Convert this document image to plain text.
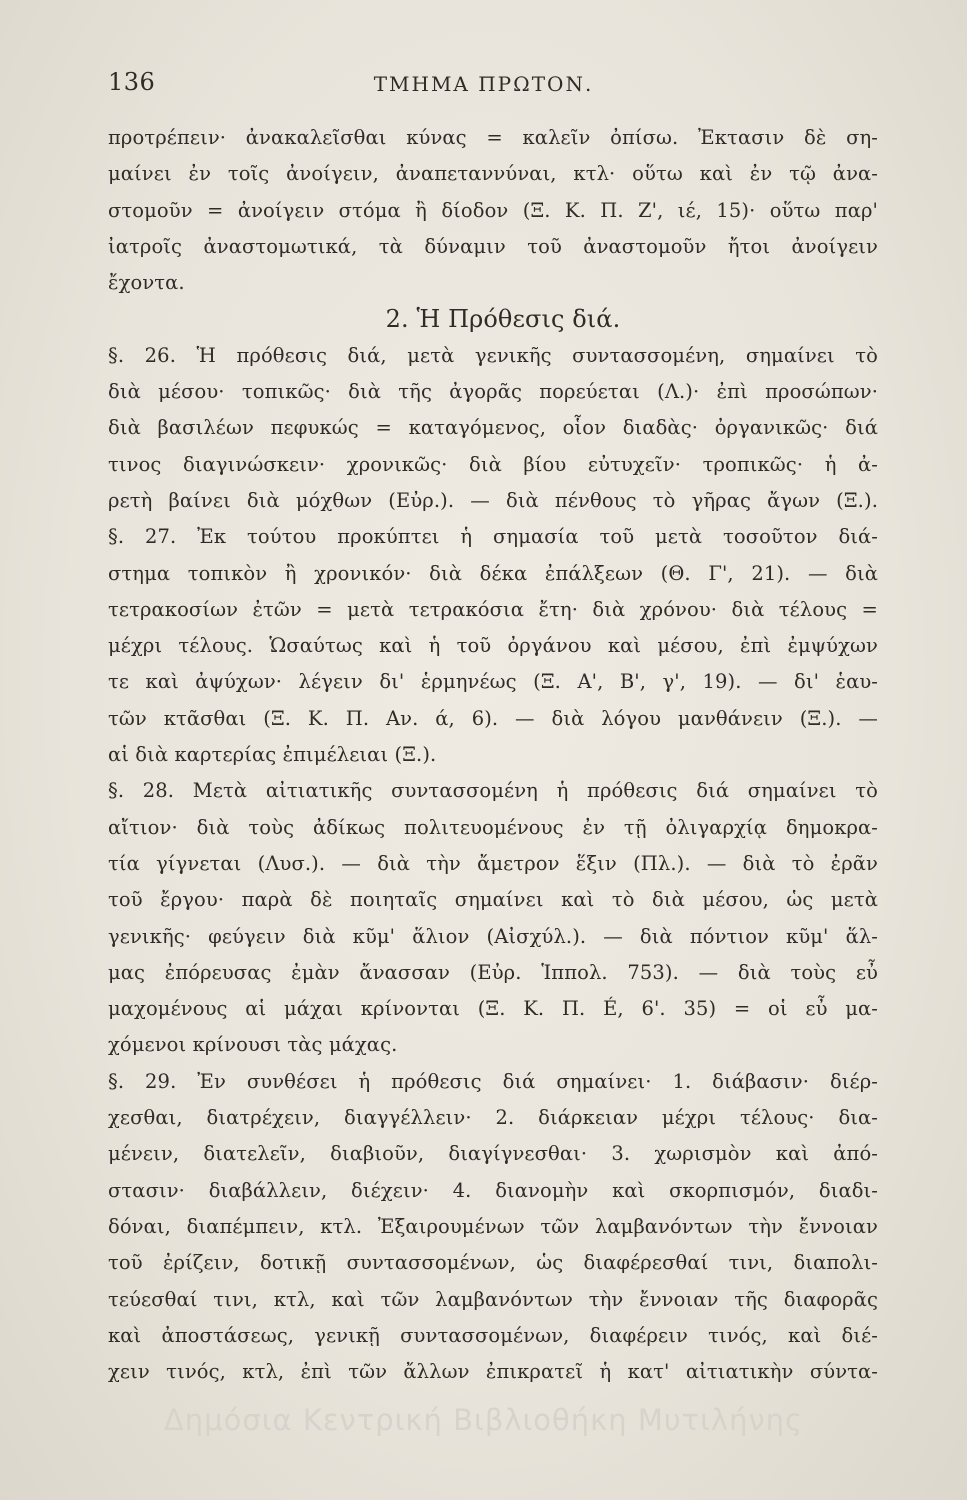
136	ΤΜΗΜΑ ΠΡΩΤΟΝ.
προτρέπειν· ἀνακαλεῖσθαι κύνας = καλεῖν ὀπίσω. Ἐκτασιν δὲ ση-
μαίνει ἐν τοῖς ἀνοίγειν, ἀναπεταννύναι, κτλ· οὕτω καὶ ἐν τῷ ἀνα-
στομοῦν = ἀνοίγειν στόμα ἢ δίοδον (Ξ. Κ. Π. Ζ', ιέ, 15)· οὕτω παρ'
ἰατροῖς ἀναστομωτικά, τὰ δύναμιν τοῦ ἀναστομοῦν ἤτοι ἀνοίγειν
ἔχοντα.
2. Ἡ Πρόθεσις διά.
§. 26. Ἡ πρόθεσις διά, μετὰ γενικῆς συντασσομένη, σημαίνει τὸ
διὰ μέσου· τοπικῶς· διὰ τῆς ἀγορᾶς πορεύεται (Λ.)· ἐπὶ προσώπων·
διὰ βασιλέων πεφυκώς = καταγόμενος, οἷον διαδὰς· ὀργανικῶς· διά
τινος διαγινώσκειν· χρονικῶς· διὰ βίου εὐτυχεῖν· τροπικῶς· ἡ ἀ-
ρετὴ βαίνει διὰ μόχθων (Εὐρ.). — διὰ πένθους τὸ γῆρας ἄγων (Ξ.).
§. 27. Ἐκ τούτου προκύπτει ἡ σημασία τοῦ μετὰ τοσοῦτον διά-
στημα τοπικὸν ἢ χρονικόν· διὰ δέκα ἐπάλξεων (Θ. Γ', 21). — διὰ
τετρακοσίων ἐτῶν = μετὰ τετρακόσια ἔτη· διὰ χρόνου· διὰ τέλους =
μέχρι τέλους. Ὡσαύτως καὶ ἡ τοῦ ὀργάνου καὶ μέσου, ἐπὶ ἐμψύχων
τε καὶ ἀψύχων· λέγειν δι' ἑρμηνέως (Ξ. Α', Β', γ', 19). — δι' ἑαυ-
τῶν κτᾶσθαι (Ξ. Κ. Π. Αν. ά, 6). — διὰ λόγου μανθάνειν (Ξ.). —
αἱ διὰ καρτερίας ἐπιμέλειαι (Ξ.).
§. 28. Μετὰ αἰτιατικῆς συντασσομένη ἡ πρόθεσις διά σημαίνει τὸ
αἴτιον· διὰ τοὺς ἀδίκως πολιτευομένους ἐν τῇ ὀλιγαρχίᾳ δημοκρα-
τία γίγνεται (Λυσ.). — διὰ τὴν ἄμετρον ἕξιν (Πλ.). — διὰ τὸ ἐρᾶν
τοῦ ἔργου· παρὰ δὲ ποιηταῖς σημαίνει καὶ τὸ διὰ μέσου, ὡς μετὰ
γενικῆς· φεύγειν διὰ κῦμ' ἅλιον (Αἰσχύλ.). — διὰ πόντιον κῦμ' ἅλ-
μας ἐπόρευσας ἐμὰν ἄνασσαν (Εὐρ. Ἱππολ. 753). — διὰ τοὺς εὖ
μαχομένους αἱ μάχαι κρίνονται (Ξ. Κ. Π. É, 6'. 35) = οἱ εὖ μα-
χόμενοι κρίνουσι τὰς μάχας.
§. 29. Ἐν συνθέσει ἡ πρόθεσις διά σημαίνει· 1. διάβασιν· διέρ-
χεσθαι, διατρέχειν, διαγγέλλειν· 2. διάρκειαν μέχρι τέλους· δια-
μένειν, διατελεῖν, διαβιοῦν, διαγίγνεσθαι· 3. χωρισμὸν καὶ ἀπό-
στασιν· διαβάλλειν, διέχειν· 4. διανομὴν καὶ σκορπισμόν, διαδι-
δόναι, διαπέμπειν, κτλ. Ἐξαιρουμένων τῶν λαμβανόντων τὴν ἔννοιαν
τοῦ ἐρίζειν, δοτικῇ συντασσομένων, ὡς διαφέρεσθαί τινι, διαπολι-
τεύεσθαί τινι, κτλ, καὶ τῶν λαμβανόντων τὴν ἔννοιαν τῆς διαφορᾶς
καὶ ἀποστάσεως, γενικῇ συντασσομένων, διαφέρειν τινός, καὶ διέ-
χειν τινός, κτλ, ἐπὶ τῶν ἄλλων ἐπικρατεῖ ἡ κατ' αἰτιατικὴν σύντα-
Δημόσια Κεντρική Βιβλιοθήκη Μυτιλήνης
